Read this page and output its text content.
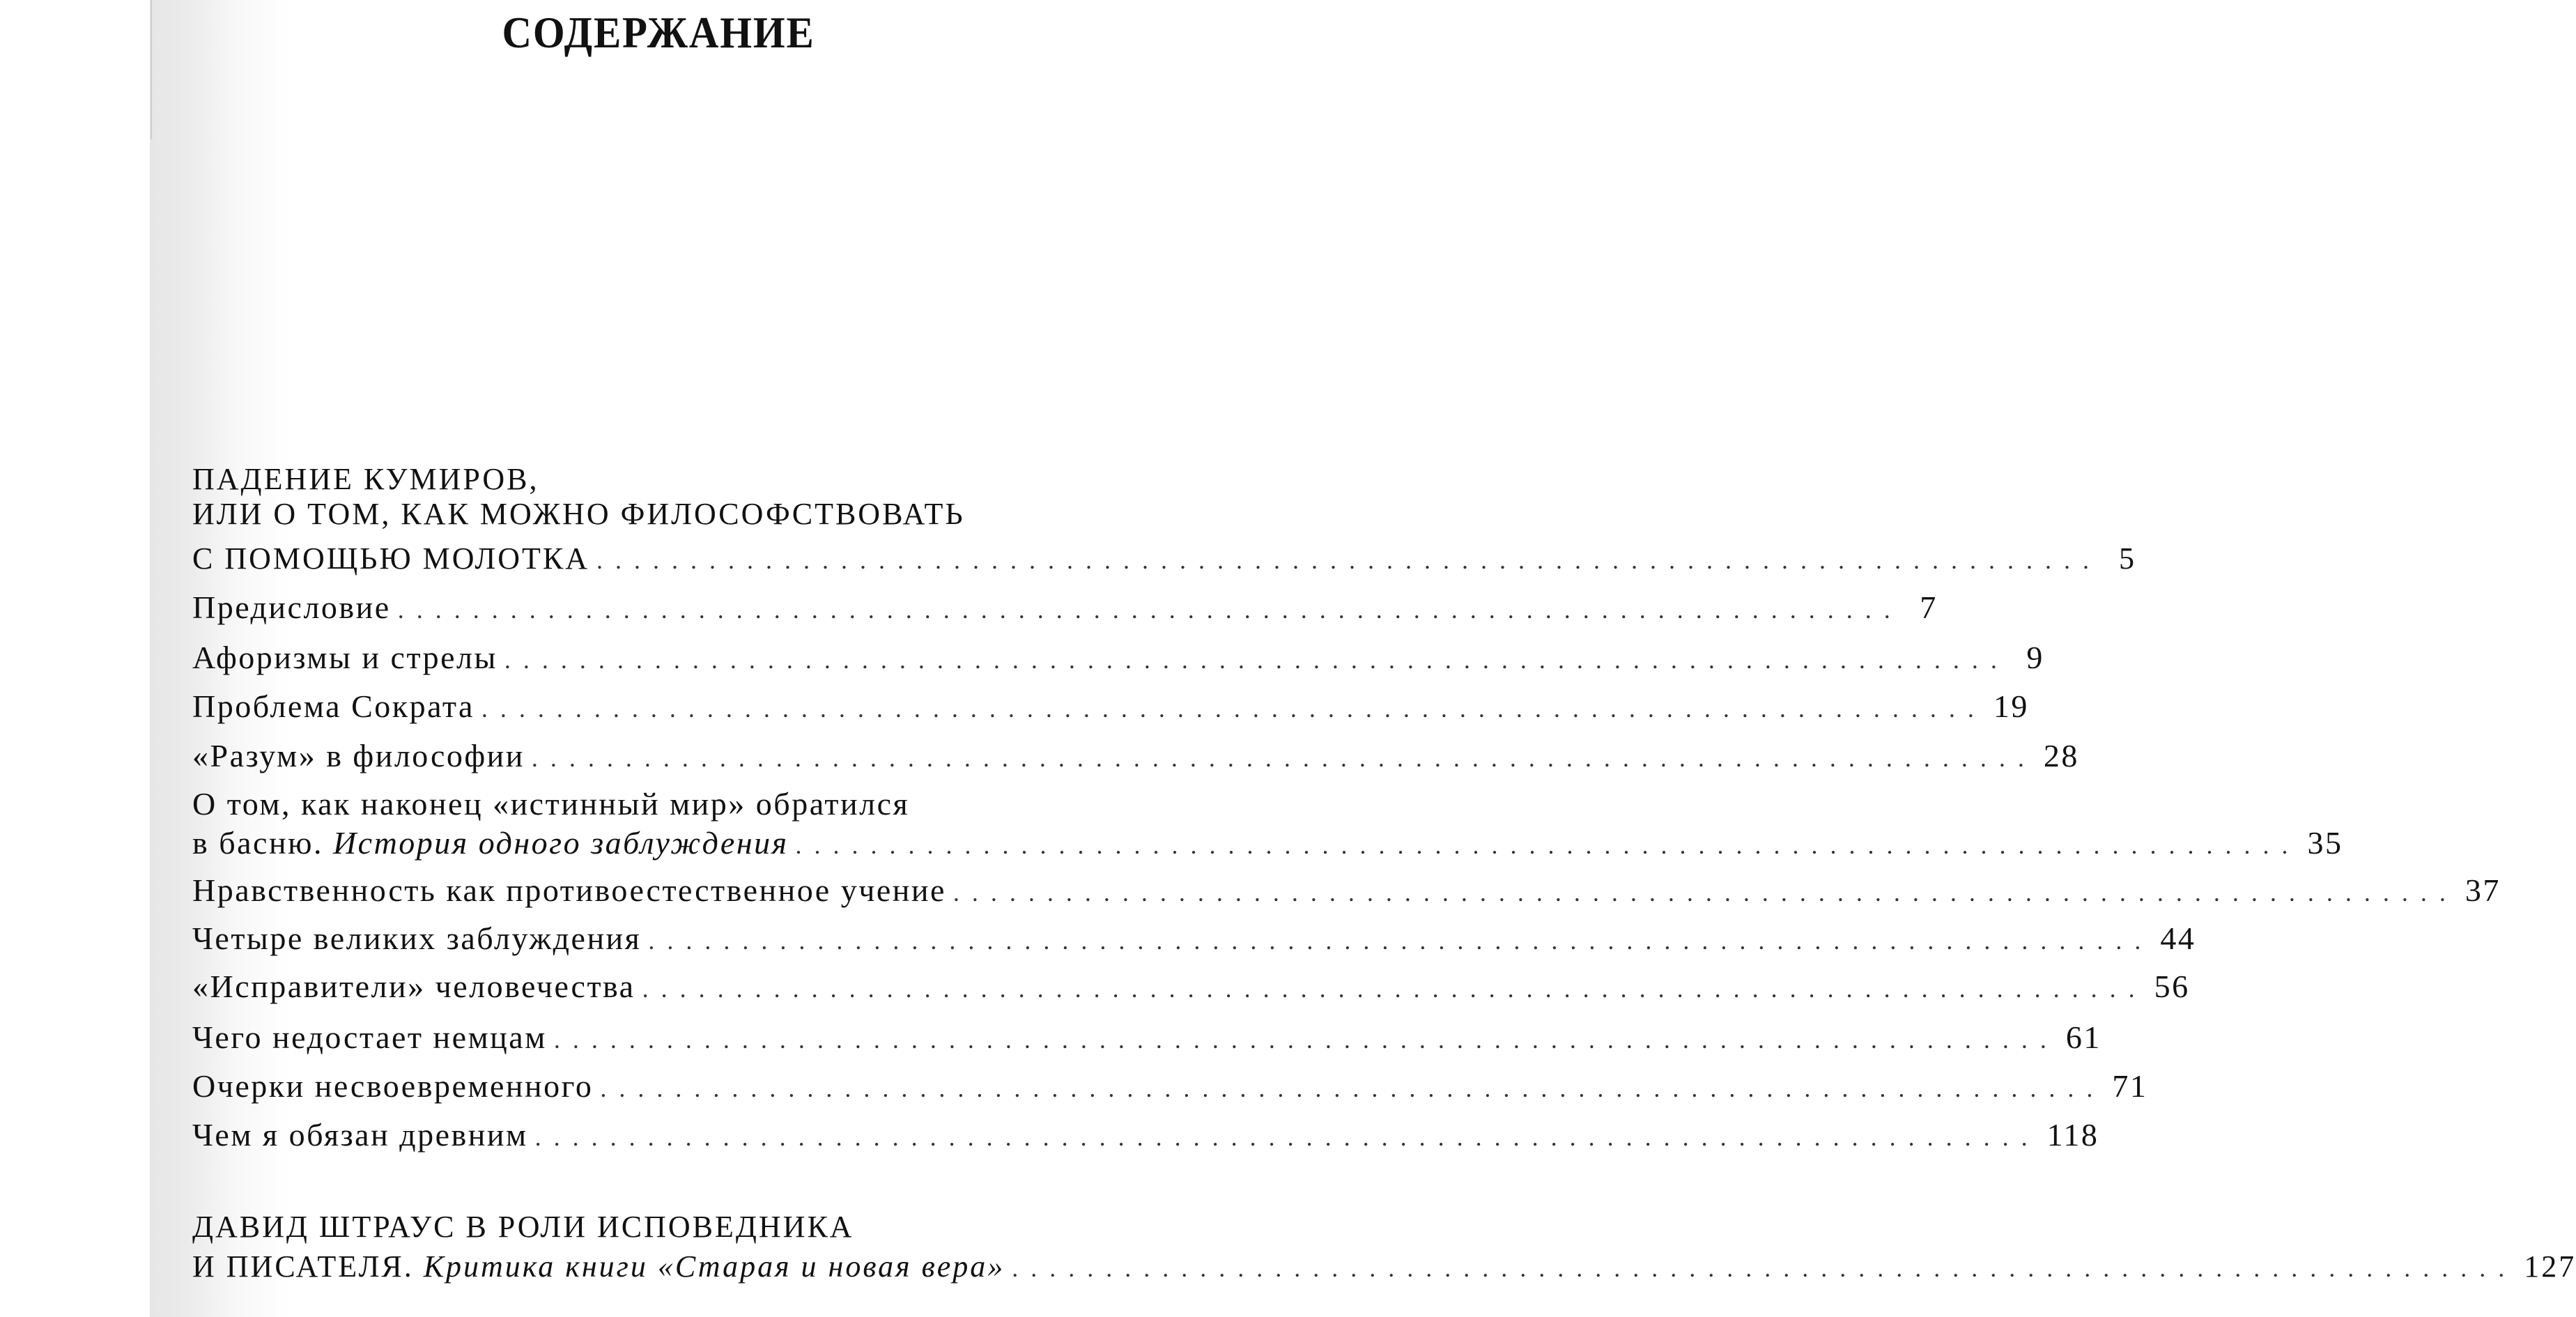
СОДЕРЖАНИЕ
ПАДЕНИЕ КУМИРОВ,
ИЛИ О ТОМ, КАК МОЖНО ФИЛОСОФСТВОВАТЬ
С ПОМОЩЬЮ МОЛОТКА ................................................................................ 5
Предисловие ................................................................................ 7
Афоризмы и стрелы ................................................................................ 9
Проблема Сократа ................................................................................ 19
«Разум» в философии ................................................................................ 28
О том, как наконец «истинный мир» обратился
в басню. История одного заблуждения ................................................................................ 35
Нравственность как противоестественное учение ................................................................................ 37
Четыре великих заблуждения ................................................................................ 44
«Исправители» человечества ................................................................................ 56
Чего недостает немцам ................................................................................ 61
Очерки несвоевременного ................................................................................ 71
Чем я обязан древним ................................................................................ 118
ДАВИД ШТРАУС В РОЛИ ИСПОВЕДНИКА
И ПИСАТЕЛЯ. Критика книги «Старая и новая вера» ................................................................................ 127
